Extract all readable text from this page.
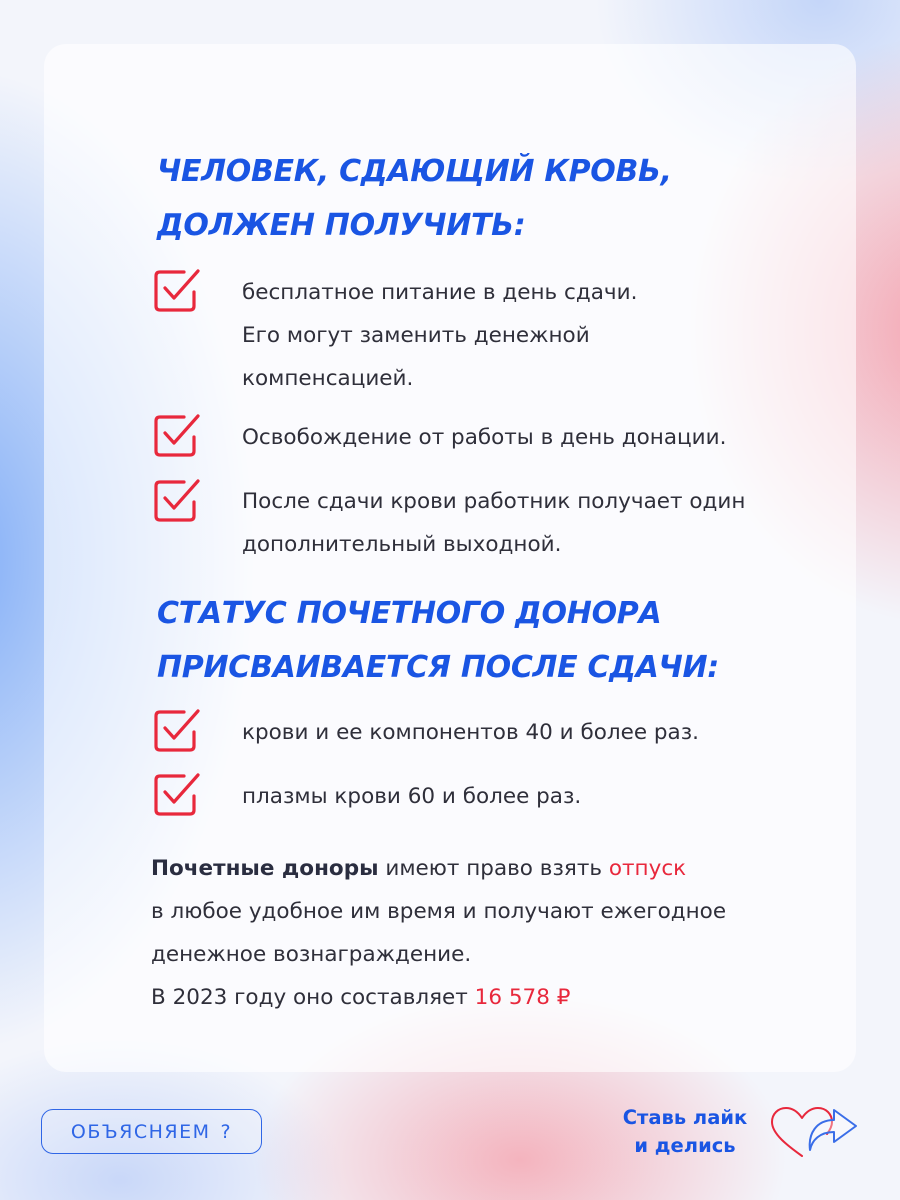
ЧЕЛОВЕК, СДАЮЩИЙ КРОВЬ,
ДОЛЖЕН ПОЛУЧИТЬ:
бесплатное питание в день сдачи.
Его могут заменить денежной
компенсацией.
Освобождение от работы в день донации.
После сдачи крови работник получает один
дополнительный выходной.
СТАТУС ПОЧЕТНОГО ДОНОРА
ПРИСВАИВАЕТСЯ ПОСЛЕ СДАЧИ:
крови и ее компонентов 40 и более раз.
плазмы крови 60 и более раз.
Почетные доноры имеют право взять отпуск
в любое удобное им время и получают ежегодное
денежное вознаграждение.
В 2023 году оно составляет 16 578 ₽
ОБЪЯСНЯЕМ ?
Ставь лайк
и делись
